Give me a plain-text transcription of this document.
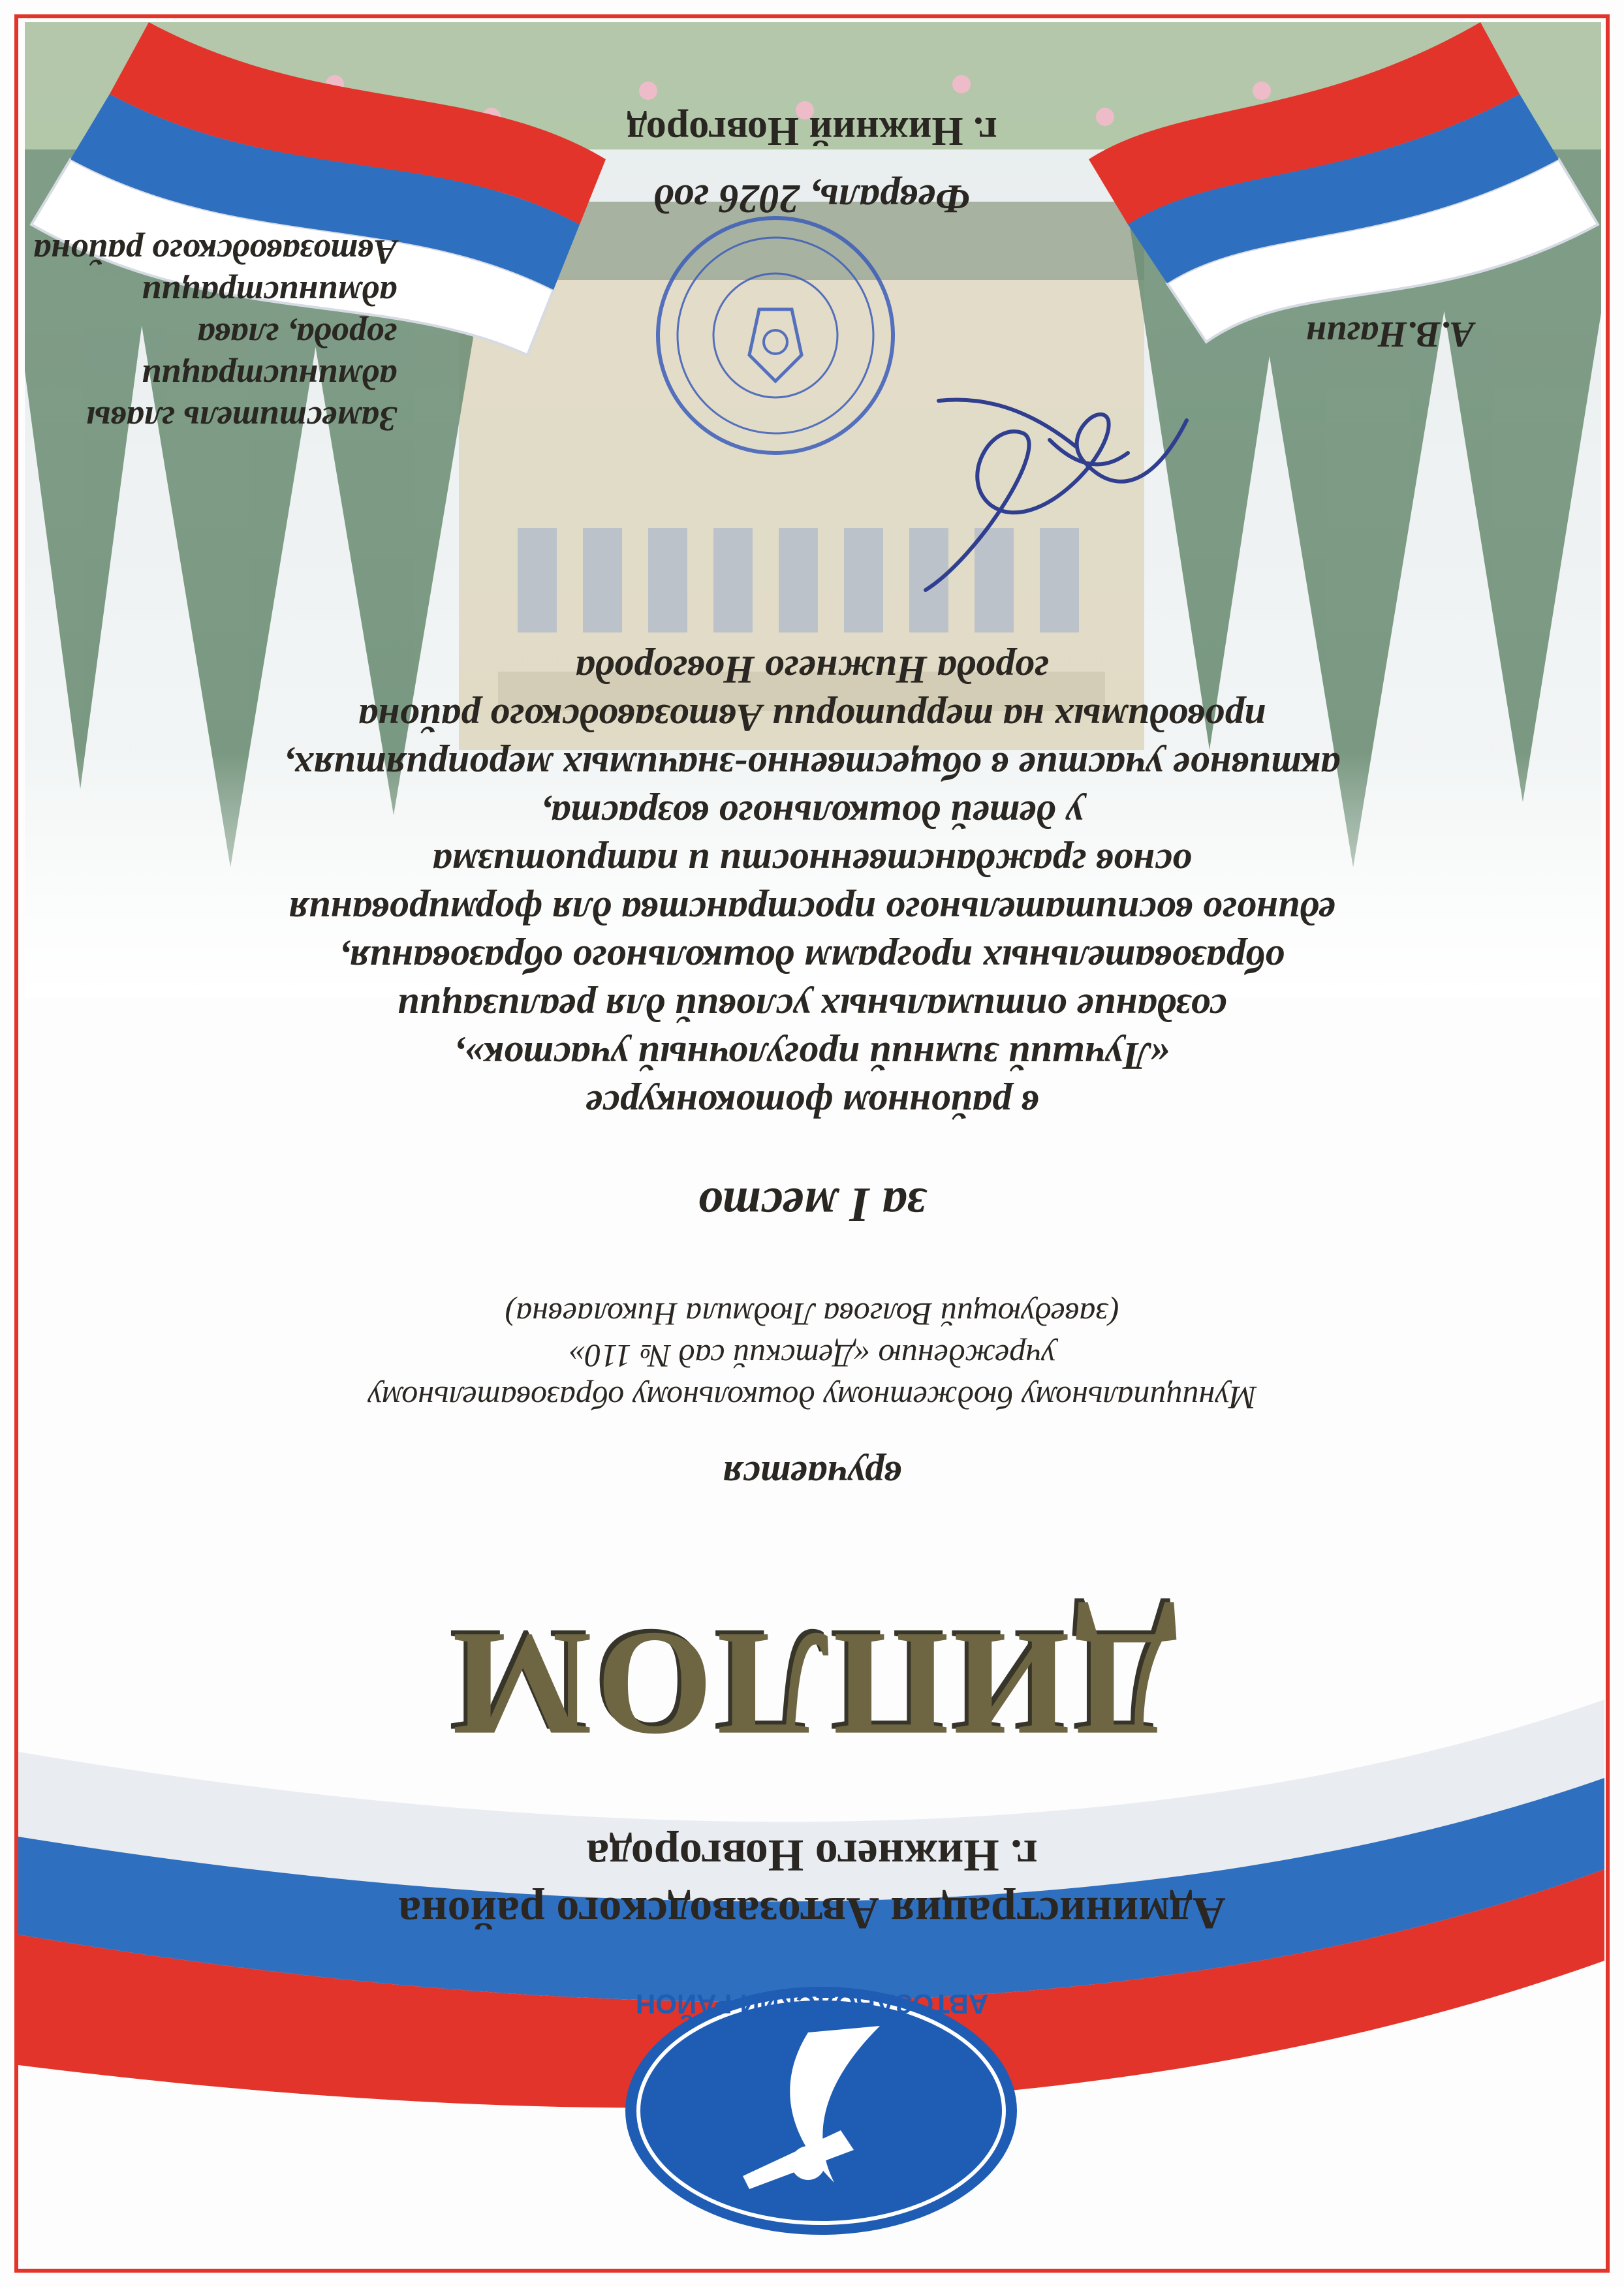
АВТОЗАВОДСКИЙ РАЙОН
Администрация Автозаводского района
г. Нижнего Новгорода
ДИПЛОМ
вручается
Муниципальному бюджетному дошкольному образовательному
учреждению «Детский сад № 110»
(заведующий Волгова Людмила Николаевна)
за I место
в районном фотоконкурсе
«Лучший зимний прогулочный участок»,
создание оптимальных условий для реализации
образовательных программ дошкольного образования,
единого воспитательного пространства для формирования
основ гражданственности и патриотизма
у детей дошкольного возраста,
активное участие в общественно-значимых мероприятиях,
проводимых на территории Автозаводского района
города Нижнего Новгорода
Заместитель главы администрации
города, глава администрации
Автозаводского района
А.В.Нагин
Февраль, 2026 год
г. Нижний Новгород
